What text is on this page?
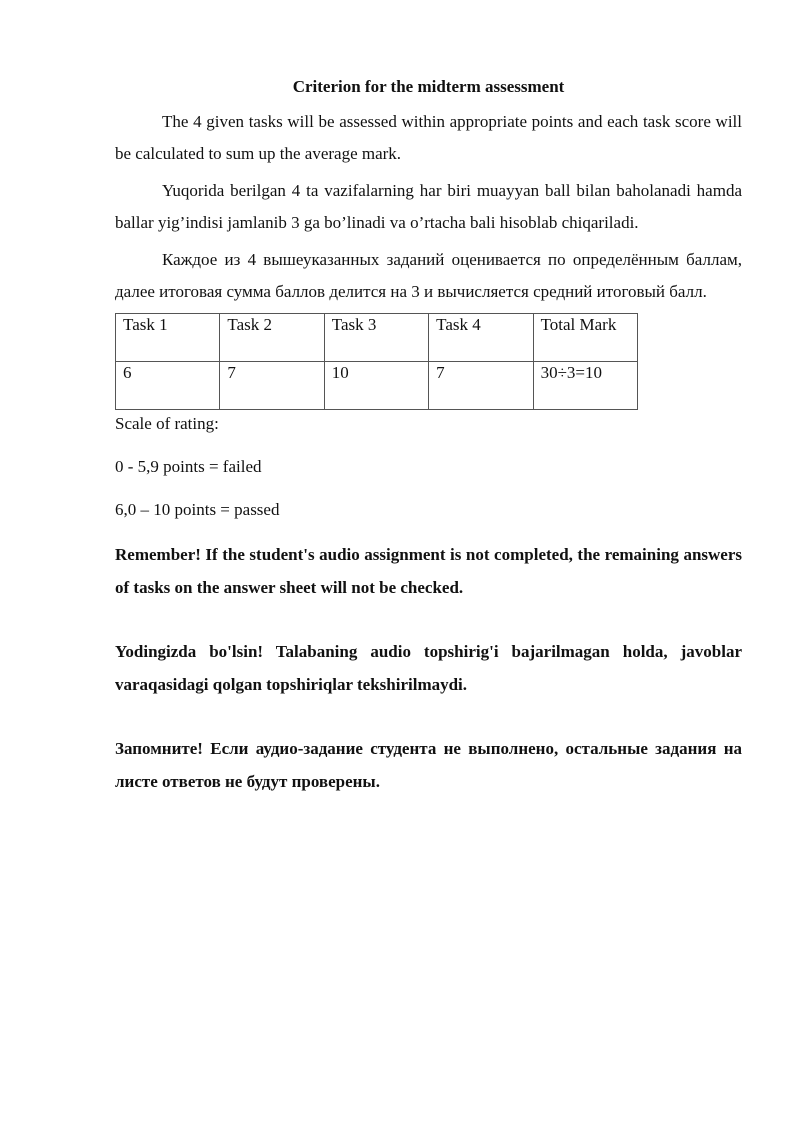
Criterion for the midterm assessment

The 4 given tasks will be assessed within appropriate points and each task score will be calculated to sum up the average mark.

Yuqorida berilgan 4 ta vazifalarning har biri muayyan ball bilan baholanadi hamda ballar yig’indisi jamlanib 3 ga bo’linadi va o’rtacha bali hisoblab chiqariladi.

Каждое из 4 вышеуказанных заданий оценивается по определённым баллам, далее итоговая сумма баллов делится на 3 и вычисляется средний итоговый балл.

Task 1	Task 2	Task 3	Task 4	Total Mark
6	7	10	7	30÷3=10

Scale of rating:

0 - 5,9 points = failed

6,0 – 10 points = passed

Remember! If the student's audio assignment is not completed, the remaining answers of tasks on the answer sheet will not be checked.

Yodingizda bo'lsin! Talabaning audio topshirig'i bajarilmagan holda, javoblar varaqasidagi qolgan topshiriqlar tekshirilmaydi.

Запомните! Если аудио-задание студента не выполнено, остальные задания на листе ответов не будут проверены.
